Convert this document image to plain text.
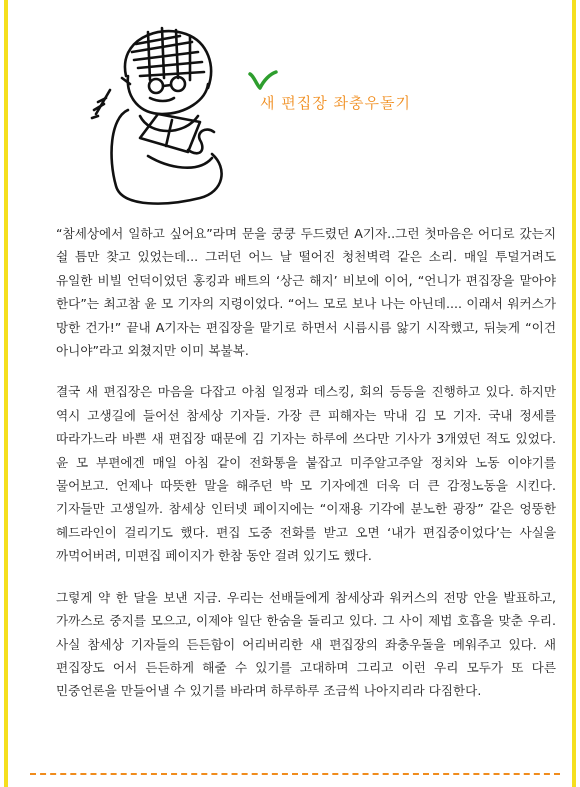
새 편집장 좌충우돌기

“참세상에서 일하고 싶어요”라며 문을 쿵쿵 두드렸던 A기자..그런 첫마음은 어디로 갔는지 쉴 틈만 찾고 있었는데... 그러던 어느 날 떨어진 청천벽력 같은 소리. 매일 투덜거려도 유일한 비빌 언덕이었던 홍킹과 배트의 ‘상근 해지’ 비보에 이어, “언니가 편집장을 맡아야 한다”는 최고참 윤 모 기자의 지령이었다. “어느 모로 보나 나는 아닌데.... 이래서 워커스가 망한 건가!” 끝내 A기자는 편집장을 맡기로 하면서 시름시름 앓기 시작했고, 뒤늦게 “이건 아니야”라고 외쳤지만 이미 복불복.

결국 새 편집장은 마음을 다잡고 아침 일정과 데스킹, 회의 등등을 진행하고 있다. 하지만 역시 고생길에 들어선 참세상 기자들. 가장 큰 피해자는 막내 김 모 기자. 국내 정세를 따라가느라 바쁜 새 편집장 때문에 김 기자는 하루에 쓰다만 기사가 3개였던 적도 있었다. 윤 모 부편에겐 매일 아침 같이 전화통을 붙잡고 미주알고주알 정치와 노동 이야기를 물어보고. 언제나 따뜻한 말을 해주던 박 모 기자에겐 더욱 더 큰 감정노동을 시킨다. 기자들만 고생일까. 참세상 인터넷 페이지에는 “이재용 기각에 분노한 광장” 같은 엉뚱한 헤드라인이 걸리기도 했다. 편집 도중 전화를 받고 오면 ‘내가 편집중이었다’는 사실을 까먹어버려, 미편집 페이지가 한참 동안 걸려 있기도 했다.

그렇게 약 한 달을 보낸 지금. 우리는 선배들에게 참세상과 워커스의 전망 안을 발표하고, 가까스로 중지를 모으고, 이제야 일단 한숨을 돌리고 있다. 그 사이 제법 호흡을 맞춘 우리. 사실 참세상 기자들의 든든함이 어리버리한 새 편집장의 좌충우돌을 메워주고 있다. 새 편집장도 어서 든든하게 해줄 수 있기를 고대하며 그리고 이런 우리 모두가 또 다른 민중언론을 만들어낼 수 있기를 바라며 하루하루 조금씩 나아지리라 다짐한다.
